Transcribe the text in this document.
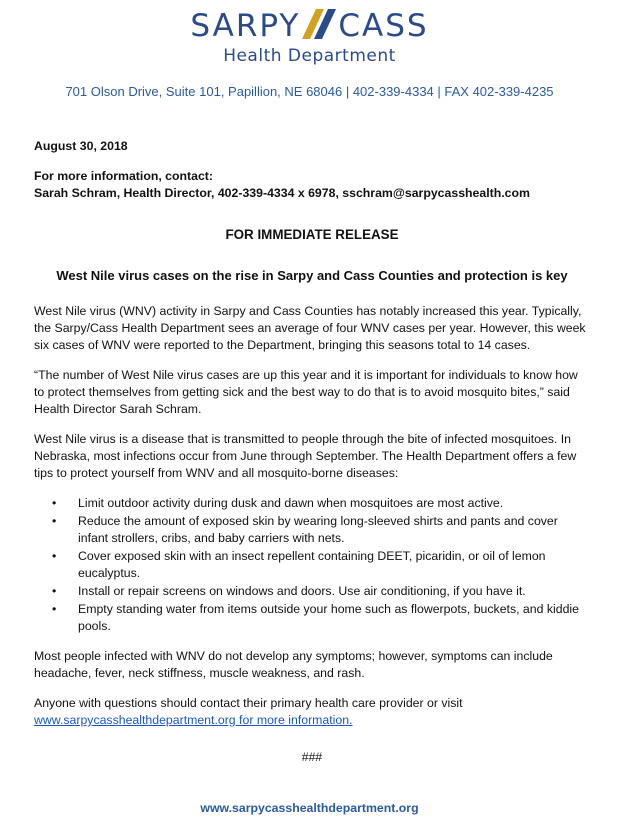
SARPY CASS
Health Department
701 Olson Drive, Suite 101, Papillion, NE 68046 | 402-339-4334 | FAX 402-339-4235

August 30, 2018

For more information, contact:
Sarah Schram, Health Director, 402-339-4334 x 6978, sschram@sarpycasshealth.com
FOR IMMEDIATE RELEASE
West Nile virus cases on the rise in Sarpy and Cass Counties and protection is key

West Nile virus (WNV) activity in Sarpy and Cass Counties has notably increased this year. Typically, the Sarpy/Cass Health Department sees an average of four WNV cases per year. However, this week six cases of WNV were reported to the Department, bringing this seasons total to 14 cases.

“The number of West Nile virus cases are up this year and it is important for individuals to know how to protect themselves from getting sick and the best way to do that is to avoid mosquito bites,” said Health Director Sarah Schram.

West Nile virus is a disease that is transmitted to people through the bite of infected mosquitoes. In Nebraska, most infections occur from June through September. The Health Department offers a few tips to protect yourself from WNV and all mosquito-borne diseases:

• Limit outdoor activity during dusk and dawn when mosquitoes are most active.
• Reduce the amount of exposed skin by wearing long-sleeved shirts and pants and cover infant strollers, cribs, and baby carriers with nets.
• Cover exposed skin with an insect repellent containing DEET, picaridin, or oil of lemon eucalyptus.
• Install or repair screens on windows and doors. Use air conditioning, if you have it.
• Empty standing water from items outside your home such as flowerpots, buckets, and kiddie pools.

Most people infected with WNV do not develop any symptoms; however, symptoms can include headache, fever, neck stiffness, muscle weakness, and rash.

Anyone with questions should contact their primary health care provider or visit
www.sarpycasshealthdepartment.org for more information.

###
www.sarpycasshealthdepartment.org
